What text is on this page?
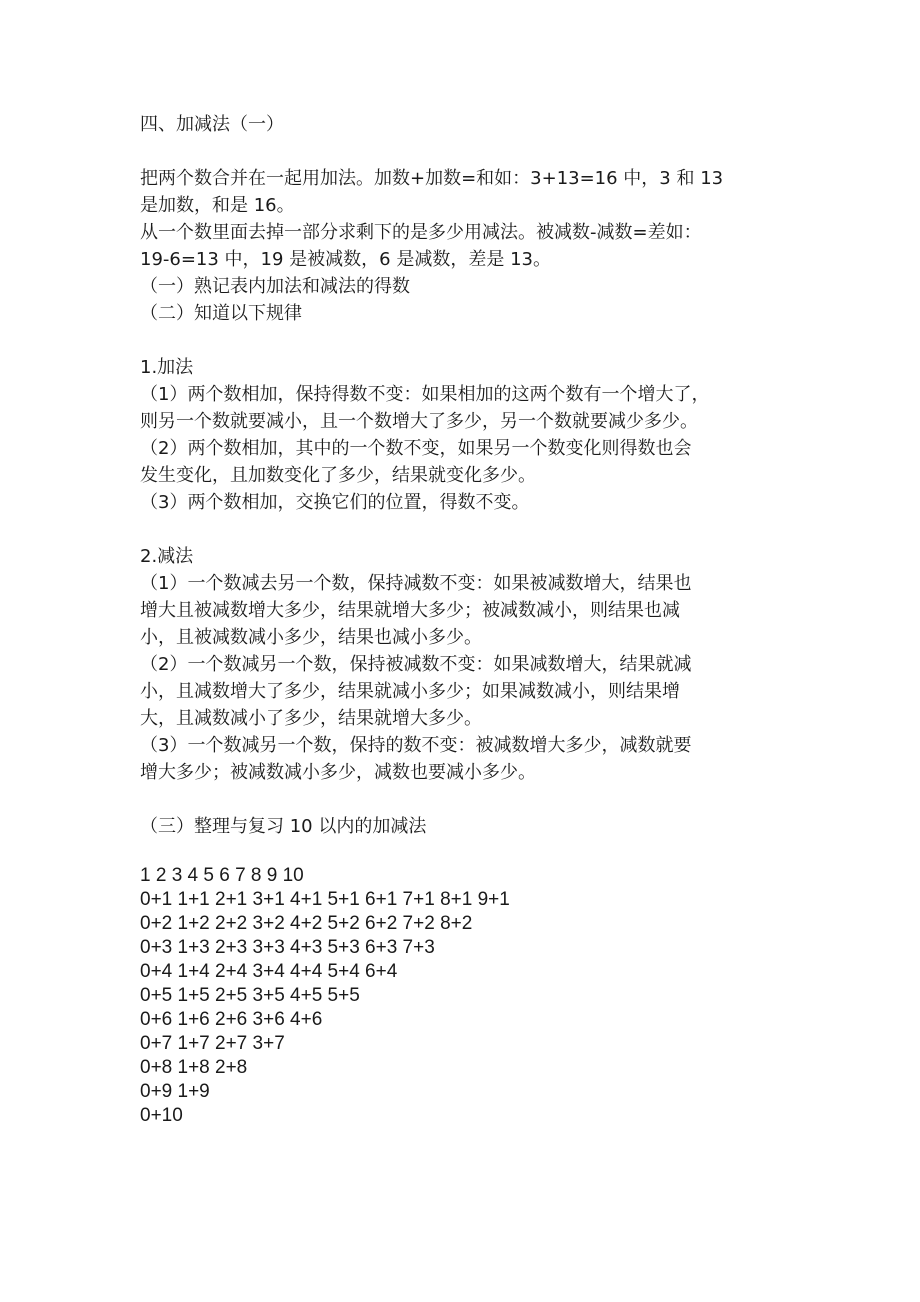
四、加减法（一）
把两个数合并在一起用加法。加数+加数=和如：3+13=16 中，3 和 13
是加数，和是 16。
从一个数里面去掉一部分求剩下的是多少用减法。被减数-减数=差如：
19-6=13 中，19 是被减数，6 是减数，差是 13。
（一）熟记表内加法和减法的得数
（二）知道以下规律
1.加法
（1）两个数相加，保持得数不变：如果相加的这两个数有一个增大了，
则另一个数就要减小，且一个数增大了多少，另一个数就要减少多少。
（2）两个数相加，其中的一个数不变，如果另一个数变化则得数也会
发生变化，且加数变化了多少，结果就变化多少。
（3）两个数相加，交换它们的位置，得数不变。
2.减法
（1）一个数减去另一个数，保持减数不变：如果被减数增大，结果也
增大且被减数增大多少，结果就增大多少；被减数减小，则结果也减
小，且被减数减小多少，结果也减小多少。
（2）一个数减另一个数，保持被减数不变：如果减数增大，结果就减
小，且减数增大了多少，结果就减小多少；如果减数减小，则结果增
大，且减数减小了多少，结果就增大多少。
（3）一个数减另一个数，保持的数不变：被减数增大多少，减数就要
增大多少；被减数减小多少，减数也要减小多少。
（三）整理与复习 10 以内的加减法
1 2 3 4 5 6 7 8 9 10
0+1 1+1 2+1 3+1 4+1 5+1 6+1 7+1 8+1 9+1
0+2 1+2 2+2 3+2 4+2 5+2 6+2 7+2 8+2
0+3 1+3 2+3 3+3 4+3 5+3 6+3 7+3
0+4 1+4 2+4 3+4 4+4 5+4 6+4
0+5 1+5 2+5 3+5 4+5 5+5
0+6 1+6 2+6 3+6 4+6
0+7 1+7 2+7 3+7
0+8 1+8 2+8
0+9 1+9
0+10
